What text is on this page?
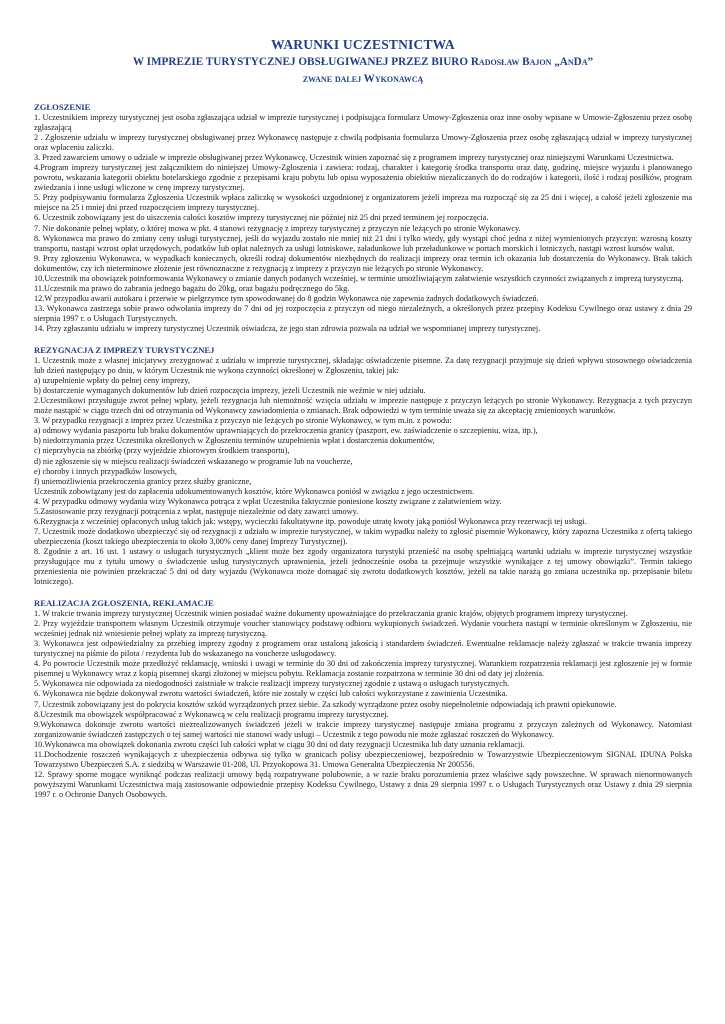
WARUNKI UCZESTNICTWA
W IMPREZIE TURYSTYCZNEJ OBSŁUGIWANEJ PRZEZ BIURO Radosław Bajon „AnDa”
zwane dalej Wykonawcą
ZGŁOSZENIE

1. Uczestnikiem imprezy turystycznej jest osoba zgłaszająca udział w imprezie turystycznej i podpisująca formularz Umowy-Zgłoszenia oraz inne osoby wpisane w Umowie-Zgłoszeniu przez osobę zgłaszającą

2 . Zgłoszenie udziału w imprezy turystycznej obsługiwanej przez Wykonawcę następuje z chwilą podpisania formularza Umowy-Zgłoszenia przez osobę zgłaszającą udział w imprezy turystycznej oraz wpłaceniu zaliczki.

3. Przed zawarciem umowy o udziale w imprezie obsługiwanej przez Wykonawcę, Uczestnik winien zapoznać się z programem imprezy turystycznej oraz niniejszymi Warunkami Uczestnictwa.

4.Program imprezy turystycznej jest załącznikiem do niniejszej Umowy-Zgłoszenia i zawiera: rodzaj, charakter i kategorię środka transportu oraz datę, godzinę, miejsce wyjazdu i planowanego powrotu, wskazania kategorii obiektu hotelarskiego zgodnie z przepisami kraju pobytu lub opisu wyposażenia obiektów niezaliczanych do do rodzajów i kategorii, ilość i rodzaj posiłków, program zwiedzania i inne usługi wliczone w cenę imprezy turystycznej.

5. Przy podpisywaniu formularza Zgłoszenia Uczestnik wpłaca zaliczkę w wysokości uzgodnionej z organizatorem jeżeli impreza ma rozpocząć się za 25 dni i więcej, a całość jeżeli zgłoszenie ma miejsce na 25 i mniej dni przed rozpoczęciem imprezy turystycznej.

6. Uczestnik zobowiązany jest do uiszczenia całości kosztów imprezy turystycznej nie później niż 25 dni przed terminem jej rozpoczęcia.

7. Nie dokonanie pełnej wpłaty, o której mowa w pkt. 4 stanowi rezygnację z imprezy turystycznej z przyczyn nie leżących po stronie Wykonawcy.

8. Wykonawca ma prawo do zmiany ceny usługi turystycznej, jeśli do wyjazdu zostało nie mniej niż 21 dni i tylko wtedy, gdy wystąpi choć jedna z niżej wymienionych przyczyn: wzrosną koszty transportu, nastąpi wzrost opłat urzędowych, podatków lub opłat należnych za usługi lotniskowe, załadunkowe lub przeładunkowe w portach morskich i lotniczych, nastąpi wzrost kursów walut.

9. Przy zgłoszeniu Wykonawca, w wypadkach koniecznych, określi rodzaj dokumentów niezbędnych do realizacji imprezy oraz termin ich okazania lub dostarczenia do Wykonawcy. Brak takich dokumentów, czy ich nieterminowe złożenie jest równoznaczne z rezygnacją z imprezy z przyczyn nie leżących po stronie Wykonawcy.

10.Uczestnik ma obowiązek poinformowania Wykonawcy o zmianie danych podanych wcześniej, w terminie umożliwiającym załatwienie wszystkich czynności związanych z imprezą turystyczną.

11.Uczestnik ma prawo do zabrania jednego bagażu do 20kg, oraz bagażu podręcznego do 5kg.

12.W przypadku awarii autokaru i przerwie w pielgrzymce tym spowodowanej do 8 godzin Wykonawca nie zapewnia żadnych dodatkowych świadczeń.

13. Wykonawca zastrzega sobie prawo odwołania imprezy do 7 dni od jej rozpoczęcia z przyczyn od niego niezależnych, a określonych przez przepisy Kodeksu Cywilnego oraz ustawy z dnia 29 sierpnia 1997 r. o Usługach Turystycznych.

14. Przy zgłaszaniu udziału w imprezy turystycznej Uczestnik oświadcza, że jego stan zdrowia pozwala na udział we wspomnianej imprezy turystycznej.

REZYGNACJA Z IMPREZY TURYSTYCZNEJ

1. Uczestnik może z własnej inicjatywy zrezygnować z udziału w imprezie turystycznej, składając oświadczenie pisemne. Za datę rezygnacji przyjmuje się dzień wpływu stosownego oświadczenia lub dzień następujący po dniu, w którym Uczestnik nie wykona czynności określonej w Zgłoszeniu, takiej jak:

a) uzupełnienie wpłaty do pełnej ceny imprezy,

b) dostarczenie wymaganych dokumentów lub dzień rozpoczęcia imprezy, jeżeli Uczestnik nie weźmie w niej udziału.

2.Uczestnikowi przysługuje zwrot pełnej wpłaty, jeżeli rezygnacja lub niemożność wzięcia udziału w imprezie następuje z przyczyn leżących po stronie Wykonawcy. Rezygnacja z tych przyczyn może nastąpić w ciągu trzech dni od otrzymania od Wykonawcy zawiadomienia o zmianach. Brak odpowiedzi w tym terminie uważa się za akceptację zmienionych warunków.

3. W przypadku rezygnacji z imprez przez Uczestnika z przyczyn nie leżących po stronie Wykonawcy, w tym m.in. z powodu:

a) odmowy wydania paszportu lub braku dokumentów uprawniających do przekroczenia granicy (paszport, ew. zaświadczenie o szczepieniu, wiza, itp.),

b) niedotrzymania przez Uczestnika określonych w Zgłoszeniu terminów uzupełnienia wpłat i dostarczenia dokumentów,

c) nieprzybycia na zbiórkę (przy wyjeździe zbiorowym środkiem transportu),

d) nie zgłoszenie się w miejscu realizacji świadczeń wskazanego w programie lub na voucherze,

e) choroby i innych przypadków losowych,

f) uniemożliwienia przekroczenia granicy przez służby graniczne,

Uczestnik zobowiązany jest do zapłacenia udokumentowanych kosztów, które Wykonawca poniósł w związku z jego uczestnictwem.

4. W przypadku odmowy wydania wizy Wykonawca potrąca z wpłat Uczestnika faktycznie poniesione koszty związane z załatwieniem wizy.

5.Zastosowanie przy rezygnacji potrącenia z wpłat, następuje niezależnie od daty zawarci umowy.

6.Rezygnacja z wcześniej opłaconych usług takich jak: wstępy, wycieczki fakultatywne itp. powoduje utratę kwoty jaką poniósł Wykonawca przy rezerwacji tej usługi.

7. Uczestnik może dodatkowo ubezpieczyć się od rezygnacji z udziału w imprezie turystycznej, w takim wypadku należy to zgłosić pisemnie Wykonawcy, który zapozna Uczestnika z ofertą takiego ubezpieczenia (koszt takiego ubezpieczenia to około 3,00% ceny danej Imprezy Turystycznej).

8. Zgodnie z art. 16 ust. 1 ustawy o usługach turystycznych „klient może bez zgody organizatora turystyki przenieść na osobę spełniającą warunki udziału w imprezie turystycznej wszystkie przysługujące mu z tytułu umowy o świadczenie usług turystycznych uprawnienia, jeżeli jednocześnie osoba ta przejmuje wszystkie wynikające z tej umowy obowiązki”. Termin takiego przeniesienia nie powinien przekraczać 5 dni od daty wyjazdu (Wykonawca może domagać się zwrotu dodatkowych kosztów, jeżeli na takie narażą go zmiana uczestnika np. przepisanie biletu lotniczego).

REALIZACJA ZGŁOSZENIA, REKLAMACJE

1. W trakcie trwania imprezy turystycznej Uczestnik winien posiadać ważne dokumenty upoważniające do przekraczania granic krajów, objętych programem imprezy turystycznej.

2. Przy wyjeździe transportem własnym Uczestnik otrzymuje voucher stanowiący podstawę odbioru wykupionych świadczeń. Wydanie vouchera nastąpi w terminie określonym w Zgłoszeniu, nie wcześniej jednak niż wniesienie pełnej wpłaty za imprezę turystyczną.

3. Wykonawca jest odpowiedzialny za przebieg imprezy zgodny z programem oraz ustaloną jakością i standardem świadczeń. Ewentualne reklamacje należy zgłaszać w trakcie trwania imprezy turystycznej na piśmie do pilota / rezydenta lub do wskazanego na voucherze usługodawcy.

4. Po powrocie Uczestnik może przedłożyć reklamację, wnioski i uwagi w terminie do 30 dni od zakończenia imprezy turystycznej. Warunkiem rozpatrzenia reklamacji jest zgłoszenie jej w formie pisemnej u Wykonawcy wraz z kopią pisemnej skargi złożonej w miejscu pobytu. Reklamacja zostanie rozpatrzona w terminie 30 dni od daty jej złożenia.

5. Wykonawca nie odpowiada za niedogodności zaistniałe w trakcie realizacji imprezy turystycznej zgodnie z ustawą o usługach turystycznych.

6. Wykonawca nie będzie dokonywał zwrotu wartości świadczeń, które nie zostały w części lub całości wykorzystane z zawinienia Uczestnika.

7. Uczestnik zobowiązany jest do pokrycia kosztów szkód wyrządzonych przez siebie. Za szkody wyrządzone przez osoby niepełnoletnie odpowiadają ich prawni opiekunowie.

8.Uczestnik ma obowiązek współpracować z Wykonawcą w celu realizacji programu imprezy turystycznej.

9.Wykonawca dokonuje zwrotu wartości niezrealizowanych świadczeń jeżeli w trakcie imprezy turystycznej następuje zmiana programu z przyczyn zależnych od Wykonawcy. Natomiast zorganizowanie świadczeń zastępczych o tej samej wartości nie stanowi wady usługi – Uczestnik z tego powodu nie może zgłaszać roszczeń do Wykonawcy.

10.Wykonawca ma obowiązek dokonania zwrotu części lub całości wpłat w ciągu 30 dni od daty rezygnacji Uczestnika lub daty uznania reklamacji.

11.Dochodzenie roszczeń wynikających z ubezpieczenia odbywa się tylko w granicach polisy ubezpieczeniowej, bezpośrednio w Towarzystwie Ubezpieczeniowym SIGNAL IDUNA Polska Towarzystwo Ubezpieczeń S.A. z siedzibą w Warszawie 01-208, Ul. Przyokopowa 31. Umowa Generalna Ubezpieczenia Nr 200556.

12. Sprawy sporne mogące wyniknąć podczas realizacji umowy będą rozpatrywane polubownie, a w razie braku porozumienia przez właściwe sądy powszechne. W sprawach nienormowanych powyższymi Warunkami Uczestnictwa mają zastosowanie odpowiednie przepisy Kodeksu Cywilnego, Ustawy z dnia 29 sierpnia 1997 r. o Usługach Turystycznych oraz Ustawy z dnia 29 sierpnia 1997 r. o Ochronie Danych Osobowych.
